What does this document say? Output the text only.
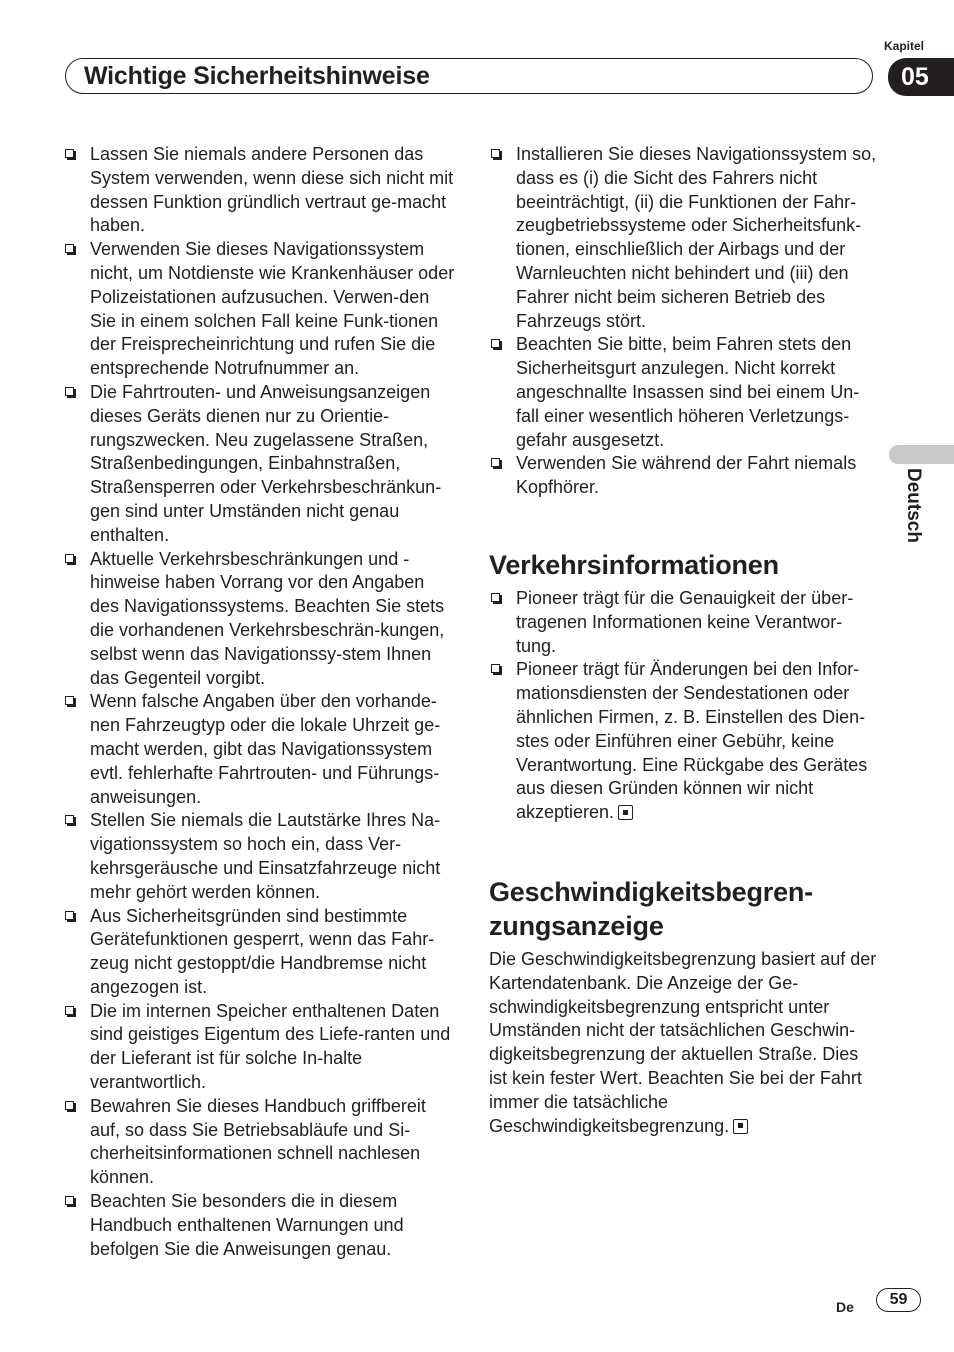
Wichtige Sicherheitshinweise
Kapitel
05
Deutsch
Lassen Sie niemals andere Personen das System verwenden, wenn diese sich nicht mit dessen Funktion gründlich vertraut ge-macht haben.
Verwenden Sie dieses Navigationssystem nicht, um Notdienste wie Krankenhäuser oder Polizeistationen aufzusuchen. Verwen-den Sie in einem solchen Fall keine Funk-tionen der Freisprecheinrichtung und rufen Sie die entsprechende Notrufnummer an.
Die Fahrtrouten- und Anweisungsanzeigen dieses Geräts dienen nur zu Orientie-rungszwecken. Neu zugelassene Straßen, Straßenbedingungen, Einbahnstraßen, Straßensperren oder Verkehrsbeschränkun-gen sind unter Umständen nicht genau enthalten.
Aktuelle Verkehrsbeschränkungen und -hinweise haben Vorrang vor den Angaben des Navigationssystems. Beachten Sie stets die vorhandenen Verkehrsbeschrän-kungen, selbst wenn das Navigationssy-stem Ihnen das Gegenteil vorgibt.
Wenn falsche Angaben über den vorhande-nen Fahrzeugtyp oder die lokale Uhrzeit ge-macht werden, gibt das Navigationssystem evtl. fehlerhafte Fahrtrouten- und Führungs-anweisungen.
Stellen Sie niemals die Lautstärke Ihres Na-vigationssystem so hoch ein, dass Ver-kehrsgeräusche und Einsatzfahrzeuge nicht mehr gehört werden können.
Aus Sicherheitsgründen sind bestimmte Gerätefunktionen gesperrt, wenn das Fahr-zeug nicht gestoppt/die Handbremse nicht angezogen ist.
Die im internen Speicher enthaltenen Daten sind geistiges Eigentum des Liefe-ranten und der Lieferant ist für solche In-halte verantwortlich.
Bewahren Sie dieses Handbuch griffbereit auf, so dass Sie Betriebsabläufe und Si-cherheitsinformationen schnell nachlesen können.
Beachten Sie besonders die in diesem Handbuch enthaltenen Warnungen und befolgen Sie die Anweisungen genau.
Installieren Sie dieses Navigationssystem so, dass es (i) die Sicht des Fahrers nicht beeinträchtigt, (ii) die Funktionen der Fahr-zeugbetriebssysteme oder Sicherheitsfunk-tionen, einschließlich der Airbags und der Warnleuchten nicht behindert und (iii) den Fahrer nicht beim sicheren Betrieb des Fahrzeugs stört.
Beachten Sie bitte, beim Fahren stets den Sicherheitsgurt anzulegen. Nicht korrekt angeschnallte Insassen sind bei einem Un-fall einer wesentlich höheren Verletzungs-gefahr ausgesetzt.
Verwenden Sie während der Fahrt niemals Kopfhörer.
Verkehrsinformationen
Pioneer trägt für die Genauigkeit der über-tragenen Informationen keine Verantwor-tung.
Pioneer trägt für Änderungen bei den Infor-mationsdiensten der Sendestationen oder ähnlichen Firmen, z. B. Einstellen des Dien-stes oder Einführen einer Gebühr, keine Verantwortung. Eine Rückgabe des Gerätes aus diesen Gründen können wir nicht akzeptieren.
Geschwindigkeitsbegren-zungsanzeige

Die Geschwindigkeitsbegrenzung basiert auf der Kartendatenbank. Die Anzeige der Ge-schwindigkeitsbegrenzung entspricht unter Umständen nicht der tatsächlichen Geschwin-digkeitsbegrenzung der aktuellen Straße. Dies ist kein fester Wert. Beachten Sie bei der Fahrt immer die tatsächliche Geschwindigkeitsbegrenzung.

De	59
